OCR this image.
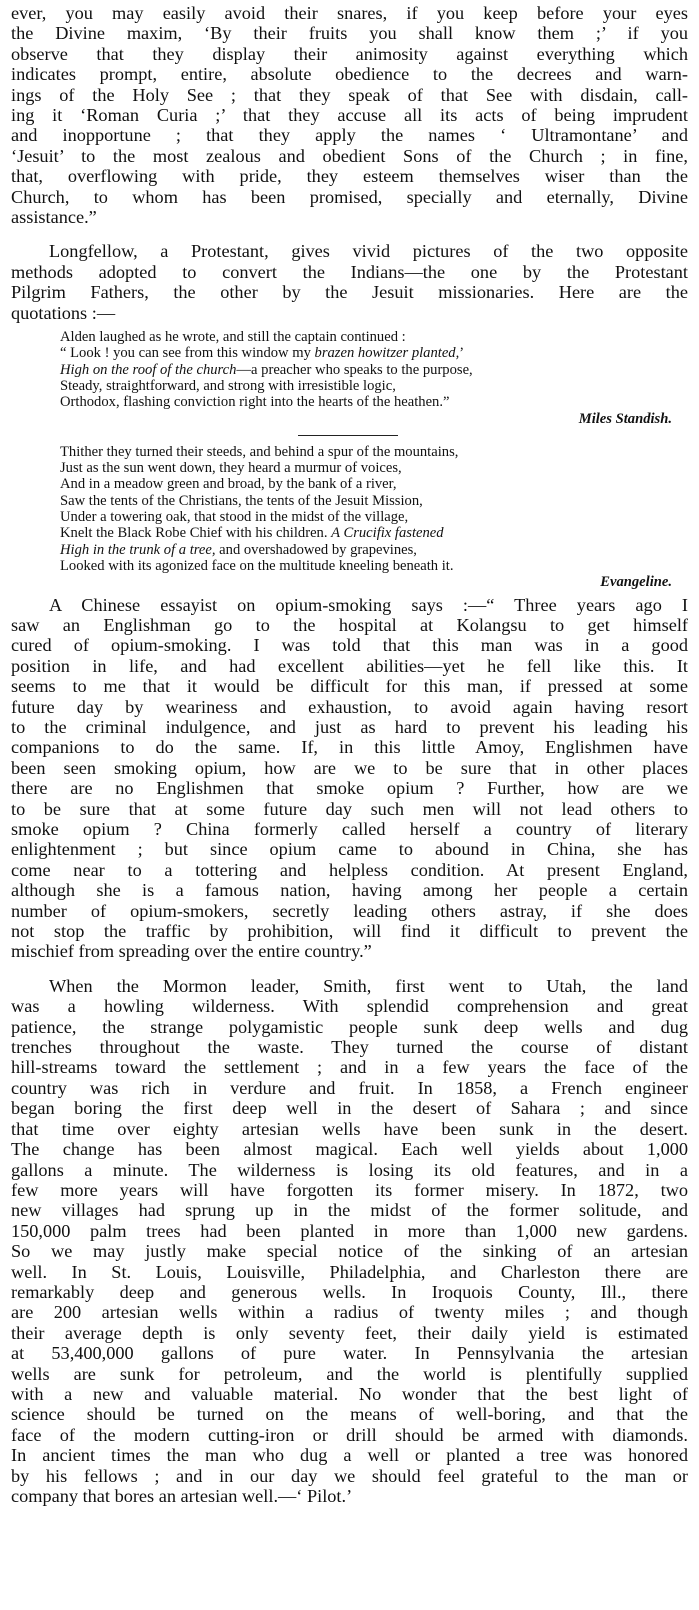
ever, you may easily avoid their snares, if you keep before your eyes
the Divine maxim, ‘By their fruits you shall know them ;’ if you
observe that they display their animosity against everything which
indicates prompt, entire, absolute obedience to the decrees and warn-
ings of the Holy See ; that they speak of that See with disdain, call-
ing it ‘Roman Curia ;’ that they accuse all its acts of being imprudent
and inopportune ; that they apply the names ‘ Ultramontane’ and
‘Jesuit’ to the most zealous and obedient Sons of the Church ; in fine,
that, overflowing with pride, they esteem themselves wiser than the
Church, to whom has been promised, specially and eternally, Divine
assistance.”
Longfellow, a Protestant, gives vivid pictures of the two opposite
methods adopted to convert the Indians—the one by the Protestant
Pilgrim Fathers, the other by the Jesuit missionaries. Here are the
quotations :—
Alden laughed as he wrote, and still the captain continued :
“ Look ! you can see from this window my brazen howitzer planted,’
High on the roof of the church—a preacher who speaks to the purpose,
Steady, straightforward, and strong with irresistible logic,
Orthodox, flashing conviction right into the hearts of the heathen.”
Miles Standish.
Thither they turned their steeds, and behind a spur of the mountains,
Just as the sun went down, they heard a murmur of voices,
And in a meadow green and broad, by the bank of a river,
Saw the tents of the Christians, the tents of the Jesuit Mission,
Under a towering oak, that stood in the midst of the village,
Knelt the Black Robe Chief with his children. A Crucifix fastened
High in the trunk of a tree, and overshadowed by grapevines,
Looked with its agonized face on the multitude kneeling beneath it.
Evangeline.
A Chinese essayist on opium-smoking says :—“ Three years ago I
saw an Englishman go to the hospital at Kolangsu to get himself
cured of opium-smoking. I was told that this man was in a good
position in life, and had excellent abilities—yet he fell like this. It
seems to me that it would be difficult for this man, if pressed at some
future day by weariness and exhaustion, to avoid again having resort
to the criminal indulgence, and just as hard to prevent his leading his
companions to do the same. If, in this little Amoy, Englishmen have
been seen smoking opium, how are we to be sure that in other places
there are no Englishmen that smoke opium ? Further, how are we
to be sure that at some future day such men will not lead others to
smoke opium ? China formerly called herself a country of literary
enlightenment ; but since opium came to abound in China, she has
come near to a tottering and helpless condition. At present England,
although she is a famous nation, having among her people a certain
number of opium-smokers, secretly leading others astray, if she does
not stop the traffic by prohibition, will find it difficult to prevent the
mischief from spreading over the entire country.”
When the Mormon leader, Smith, first went to Utah, the land
was a howling wilderness. With splendid comprehension and great
patience, the strange polygamistic people sunk deep wells and dug
trenches throughout the waste. They turned the course of distant
hill-streams toward the settlement ; and in a few years the face of the
country was rich in verdure and fruit. In 1858, a French engineer
began boring the first deep well in the desert of Sahara ; and since
that time over eighty artesian wells have been sunk in the desert.
The change has been almost magical. Each well yields about 1,000
gallons a minute. The wilderness is losing its old features, and in a
few more years will have forgotten its former misery. In 1872, two
new villages had sprung up in the midst of the former solitude, and
150,000 palm trees had been planted in more than 1,000 new gardens.
So we may justly make special notice of the sinking of an artesian
well. In St. Louis, Louisville, Philadelphia, and Charleston there are
remarkably deep and generous wells. In Iroquois County, Ill., there
are 200 artesian wells within a radius of twenty miles ; and though
their average depth is only seventy feet, their daily yield is estimated
at 53,400,000 gallons of pure water. In Pennsylvania the artesian
wells are sunk for petroleum, and the world is plentifully supplied
with a new and valuable material. No wonder that the best light of
science should be turned on the means of well-boring, and that the
face of the modern cutting-iron or drill should be armed with diamonds.
In ancient times the man who dug a well or planted a tree was honored
by his fellows ; and in our day we should feel grateful to the man or
company that bores an artesian well.—‘ Pilot.’
